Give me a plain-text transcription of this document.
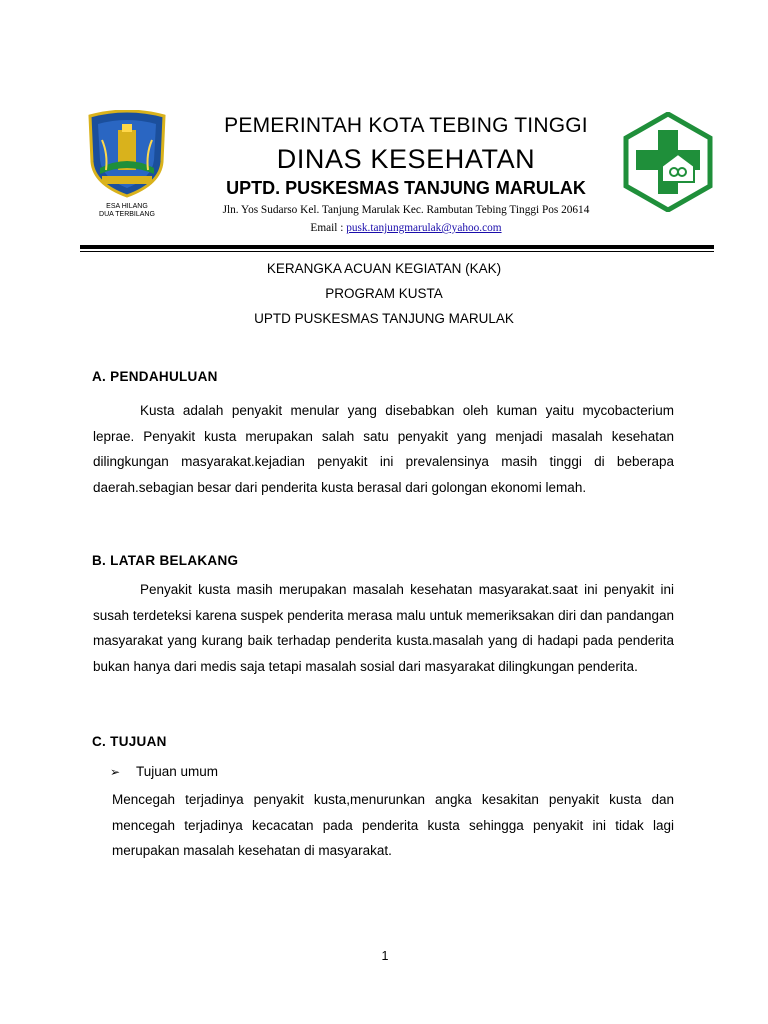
ESA HILANG
DUA TERBILANG
PEMERINTAH KOTA TEBING TINGGI
DINAS KESEHATAN
UPTD. PUSKESMAS TANJUNG MARULAK
Jln. Yos Sudarso Kel. Tanjung Marulak Kec. Rambutan Tebing Tinggi Pos 20614
Email : pusk.tanjungmarulak@yahoo.com
KERANGKA ACUAN KEGIATAN (KAK)
PROGRAM KUSTA
UPTD PUSKESMAS TANJUNG MARULAK
A. PENDAHULUAN

Kusta adalah penyakit menular yang disebabkan oleh kuman yaitu mycobacterium leprae. Penyakit kusta merupakan salah satu penyakit yang menjadi masalah kesehatan dilingkungan masyarakat.kejadian penyakit ini prevalensinya masih tinggi di beberapa daerah.sebagian besar dari penderita kusta berasal dari golongan ekonomi lemah.

B. LATAR BELAKANG

Penyakit kusta masih merupakan masalah kesehatan masyarakat.saat ini penyakit ini susah terdeteksi karena suspek penderita merasa malu untuk memeriksakan diri dan pandangan masyarakat yang kurang baik terhadap penderita kusta.masalah yang di hadapi pada penderita bukan hanya dari medis saja tetapi masalah sosial dari masyarakat dilingkungan penderita.

C. TUJUAN
➢ Tujuan umum

Mencegah terjadinya penyakit kusta,menurunkan angka kesakitan penyakit kusta dan mencegah terjadinya kecacatan pada penderita kusta sehingga penyakit ini tidak lagi merupakan masalah kesehatan di masyarakat.

1
